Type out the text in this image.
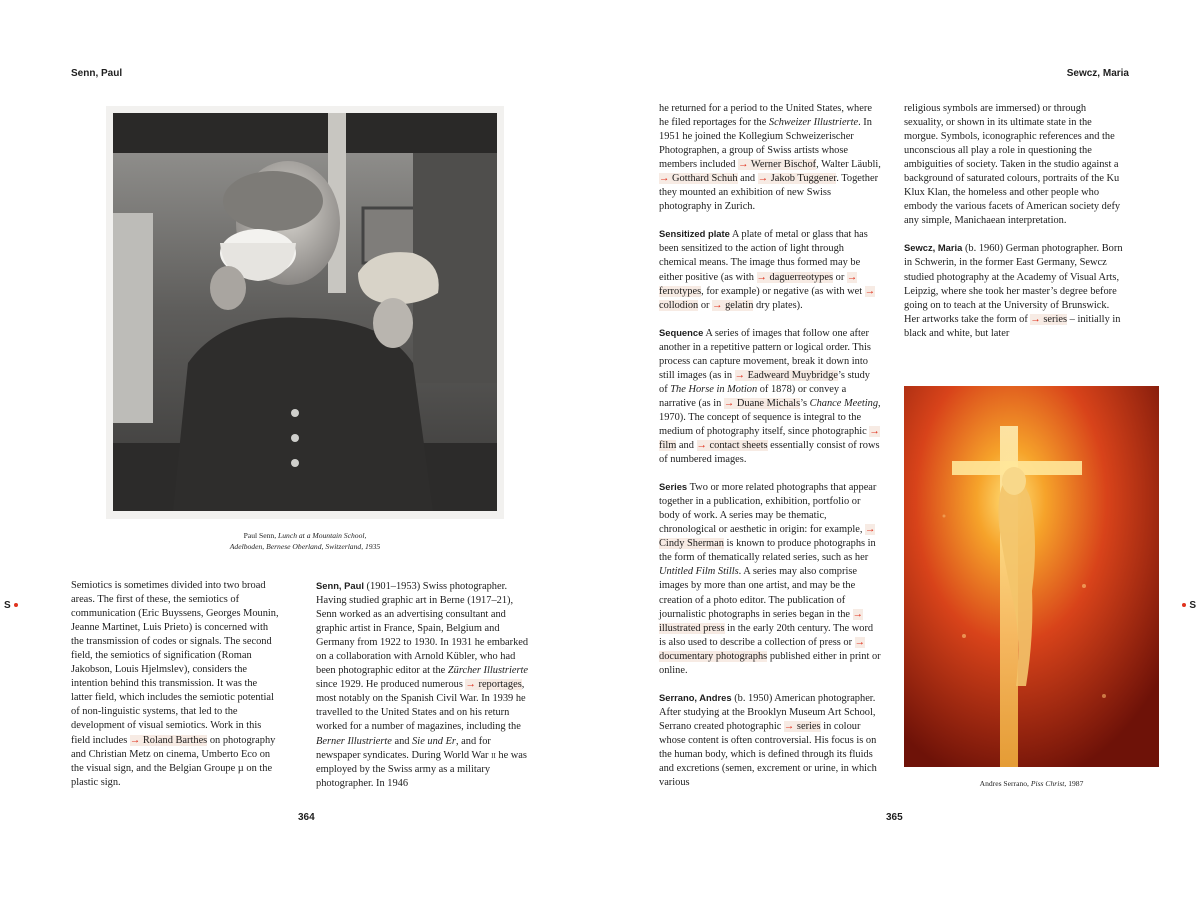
Senn, Paul	Sewcz, Maria
S	S
Paul Senn, Lunch at a Mountain School,
Adelboden, Bernese Oberland, Switzerland, 1935

Semiotics is sometimes divided into two broad areas. The first of these, the semiotics of communication (Eric Buyssens, Georges Mounin, Jeanne Martinet, Luis Prieto) is concerned with the transmission of codes or signals. The second field, the semiotics of signification (Roman Jakobson, Louis Hjelmslev), considers the intention behind this transmission. It was the latter field, which includes the semiotic potential of non-linguistic systems, that led to the development of visual semiotics. Work in this field includes → Roland Barthes on photography and Christian Metz on cinema, Umberto Eco on the visual sign, and the Belgian Groupe µ on the plastic sign.

Senn, Paul (1901–1953) Swiss photographer. Having studied graphic art in Berne (1917–21), Senn worked as an advertising consultant and graphic artist in France, Spain, Belgium and Germany from 1922 to 1930. In 1931 he embarked on a collaboration with Arnold Kübler, who had been photographic editor at the Zürcher Illustrierte since 1929. He produced numerous → reportages, most notably on the Spanish Civil War. In 1939 he travelled to the United States and on his return worked for a number of magazines, including the Berner Illustrierte and Sie und Er, and for newspaper syndicates. During World War ii he was employed by the Swiss army as a military photographer. In 1946

he returned for a period to the United States, where he filed reportages for the Schweizer Illustrierte. In 1951 he joined the Kollegium Schweizerischer Photographen, a group of Swiss artists whose members included → Werner Bischof, Walter Läubli, → Gotthard Schuh and → Jakob Tuggener. Together they mounted an exhibition of new Swiss photography in Zurich.

Sensitized plate A plate of metal or glass that has been sensitized to the action of light through chemical means. The image thus formed may be either positive (as with → daguerreotypes or → ferrotypes, for example) or negative (as with wet → collodion or → gelatin dry plates).

Sequence A series of images that follow one after another in a repetitive pattern or logical order. This process can capture movement, break it down into still images (as in → Eadweard Muybridge’s study of The Horse in Motion of 1878) or convey a narrative (as in → Duane Michals’s Chance Meeting, 1970). The concept of sequence is integral to the medium of photography itself, since photographic → film and → contact sheets essentially consist of rows of numbered images.

Series Two or more related photographs that appear together in a publication, exhibition, portfolio or body of work. A series may be thematic, chronological or aesthetic in origin: for example, → Cindy Sherman is known to produce photographs in the form of thematically related series, such as her Untitled Film Stills. A series may also comprise images by more than one artist, and may be the creation of a photo editor. The publication of journalistic photographs in series began in the → illustrated press in the early 20th century. The word is also used to describe a collection of press or → documentary photographs published either in print or online.

Serrano, Andres (b. 1950) American photographer. After studying at the Brooklyn Museum Art School, Serrano created photographic → series in colour whose content is often controversial. His focus is on the human body, which is defined through its fluids and excretions (semen, excrement or urine, in which various

religious symbols are immersed) or through sexuality, or shown in its ultimate state in the morgue. Symbols, iconographic references and the unconscious all play a role in questioning the ambiguities of society. Taken in the studio against a background of saturated colours, portraits of the Ku Klux Klan, the homeless and other people who embody the various facets of American society defy any simple, Manichaean interpretation.

Sewcz, Maria (b. 1960) German photographer. Born in Schwerin, in the former East Germany, Sewcz studied photography at the Academy of Visual Arts, Leipzig, where she took her master’s degree before going on to teach at the University of Brunswick. Her artworks take the form of → series – initially in black and white, but later

Andres Serrano, Piss Christ, 1987
364	365
